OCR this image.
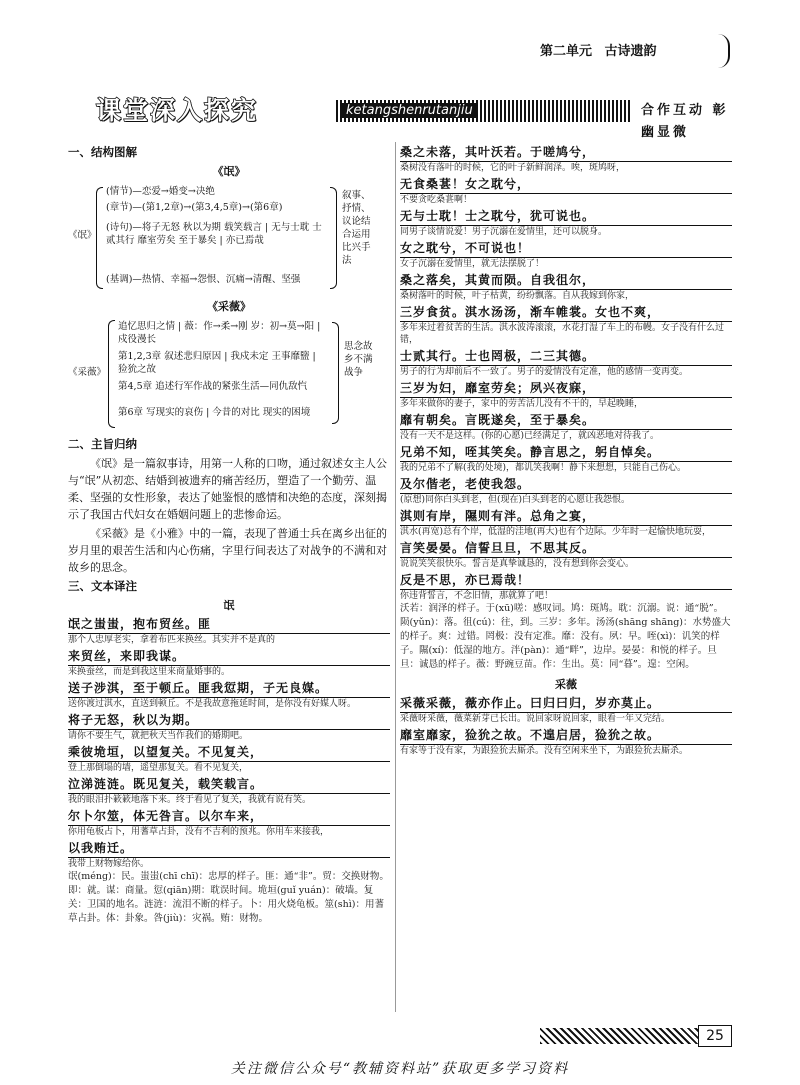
第二单元 古诗遗韵
课堂深入探究	ketangshenrutanjiu	合作互动 彰幽显微
一、结构图解
《氓》
《氓》
(情节)—恋爱→婚变→决绝
(章节)—(第1,2章)→(第3,4,5章)→(第6章)
(诗句)—将子无怒 秋以为期 载笑载言 | 无与士耽 士贰其行 靡室劳矣 至于暴矣 | 亦已焉哉
(基调)—热情、幸福→怨恨、沉痛→清醒、坚强
叙事、抒情、议论结合运用比兴手法
《采薇》
《采薇》
追忆思归之情 | 薇：作→柔→刚 岁：初→莫→阳 | 戍役漫长
第1,2,3章 叙述悲归原因 | 我戍未定 王事靡盬 | 猃狁之故
第4,5章 追述行军作战的紧张生活—同仇敌忾
第6章 写现实的哀伤 | 今昔的对比 现实的困境
思念故乡不满战争
二、主旨归纳
《氓》是一篇叙事诗，用第一人称的口吻，通过叙述女主人公与“氓”从初恋、结婚到被遗弃的痛苦经历，塑造了一个勤劳、温柔、坚强的女性形象，表达了她鉴恨的感情和决绝的态度，深刻揭示了我国古代妇女在婚姻问题上的悲惨命运。
《采薇》是《小雅》中的一篇，表现了普通士兵在离乡出征的岁月里的艰苦生活和内心伤痛，字里行间表达了对战争的不满和对故乡的思念。
三、文本译注
氓
氓之蚩蚩，抱布贸丝。匪
那个人忠厚老实，拿着布匹来换丝。其实并不是真的
来贸丝，来即我谋。
来换蚕丝，而是到我这里来商量婚事的。
送子涉淇，至于顿丘。匪我愆期，子无良媒。
送你渡过淇水，直送到顿丘。不是我故意拖延时间，是你没有好媒人呀。
将子无怒，秋以为期。
请你不要生气，就把秋天当作我们的婚期吧。
乘彼垝垣，以望复关。不见复关，
登上那倒塌的墙，遥望那复关。看不见复关，
泣涕涟涟。既见复关，载笑载言。
我的眼泪扑簌簌地落下来。终于看见了复关，我就有说有笑。
尔卜尔筮，体无咎言。以尔车来，
你用龟板占卜，用蓍草占卦，没有不吉利的预兆。你用车来接我，
以我贿迁。
我带上财物嫁给你。
氓(méng)：民。蚩蚩(chī chī)：忠厚的样子。匪：通“非”。贸：交换财物。即：就。谋：商量。愆(qiān)期：耽误时间。垝垣(guǐ yuán)：破墙。复关：卫国的地名。涟涟：流泪不断的样子。卜：用火烧龟板。筮(shì)：用蓍草占卦。体：卦象。咎(jiù)：灾祸。贿：财物。
桑之未落，其叶沃若。于嗟鸠兮，
桑树没有落叶的时候，它的叶子新鲜润泽。唉，斑鸠呀，
无食桑葚！女之耽兮，
不要贪吃桑葚啊！
无与士耽！士之耽兮，犹可说也。
同男子谈情说爱！男子沉溺在爱情里，还可以脱身。
女之耽兮，不可说也！
女子沉溺在爱情里，就无法摆脱了！
桑之落矣，其黄而陨。自我徂尔，
桑树落叶的时候，叶子枯黄，纷纷飘落。自从我嫁到你家，
三岁食贫。淇水汤汤，渐车帷裳。女也不爽，
多年来过着贫苦的生活。淇水波涛滚滚，水花打湿了车上的布幔。女子没有什么过错，
士贰其行。士也罔极，二三其德。
男子的行为却前后不一致了。男子的爱情没有定准，他的感情一变再变。
三岁为妇，靡室劳矣；夙兴夜寐，
多年来做你的妻子，家中的劳苦活儿没有不干的，早起晚睡，
靡有朝矣。言既遂矣，至于暴矣。
没有一天不是这样。(你的心愿)已经满足了，就凶恶地对待我了。
兄弟不知，咥其笑矣。静言思之，躬自悼矣。
我的兄弟不了解(我的处境)，都讥笑我啊！静下来想想，只能自己伤心。
及尔偕老，老使我怨。
(原想)同你白头到老，但(现在)白头到老的心愿让我怨恨。
淇则有岸，隰则有泮。总角之宴，
淇水(再宽)总有个岸，低湿的洼地(再大)也有个边际。少年时一起愉快地玩耍，
言笑晏晏。信誓旦旦，不思其反。
说说笑笑很快乐。誓言是真挚诚恳的，没有想到你会变心。
反是不思，亦已焉哉！
你违背誓言，不念旧情，那就算了吧！
沃若：润泽的样子。于(xū)嗟：感叹词。鸠：斑鸠。耽：沉溺。说：通“脱”。陨(yǔn)：落。徂(cú)：往，到。三岁：多年。汤汤(shāng shāng)：水势盛大的样子。爽：过错。罔极：没有定准。靡：没有。夙：早。咥(xì)：讥笑的样子。隰(xí)：低湿的地方。泮(pàn)：通“畔”，边岸。晏晏：和悦的样子。旦旦：诚恳的样子。薇：野豌豆苗。作：生出。莫：同“暮”。遑：空闲。
采薇
采薇采薇，薇亦作止。曰归曰归，岁亦莫止。
采薇呀采薇，薇菜新芽已长出。说回家呀说回家，眼看一年又完结。
靡室靡家，猃狁之故。不遑启居，猃狁之故。
有家等于没有家，为跟猃狁去厮杀。没有空闲来坐下，为跟猃狁去厮杀。
25
关注微信公众号“教辅资料站”获取更多学习资料
